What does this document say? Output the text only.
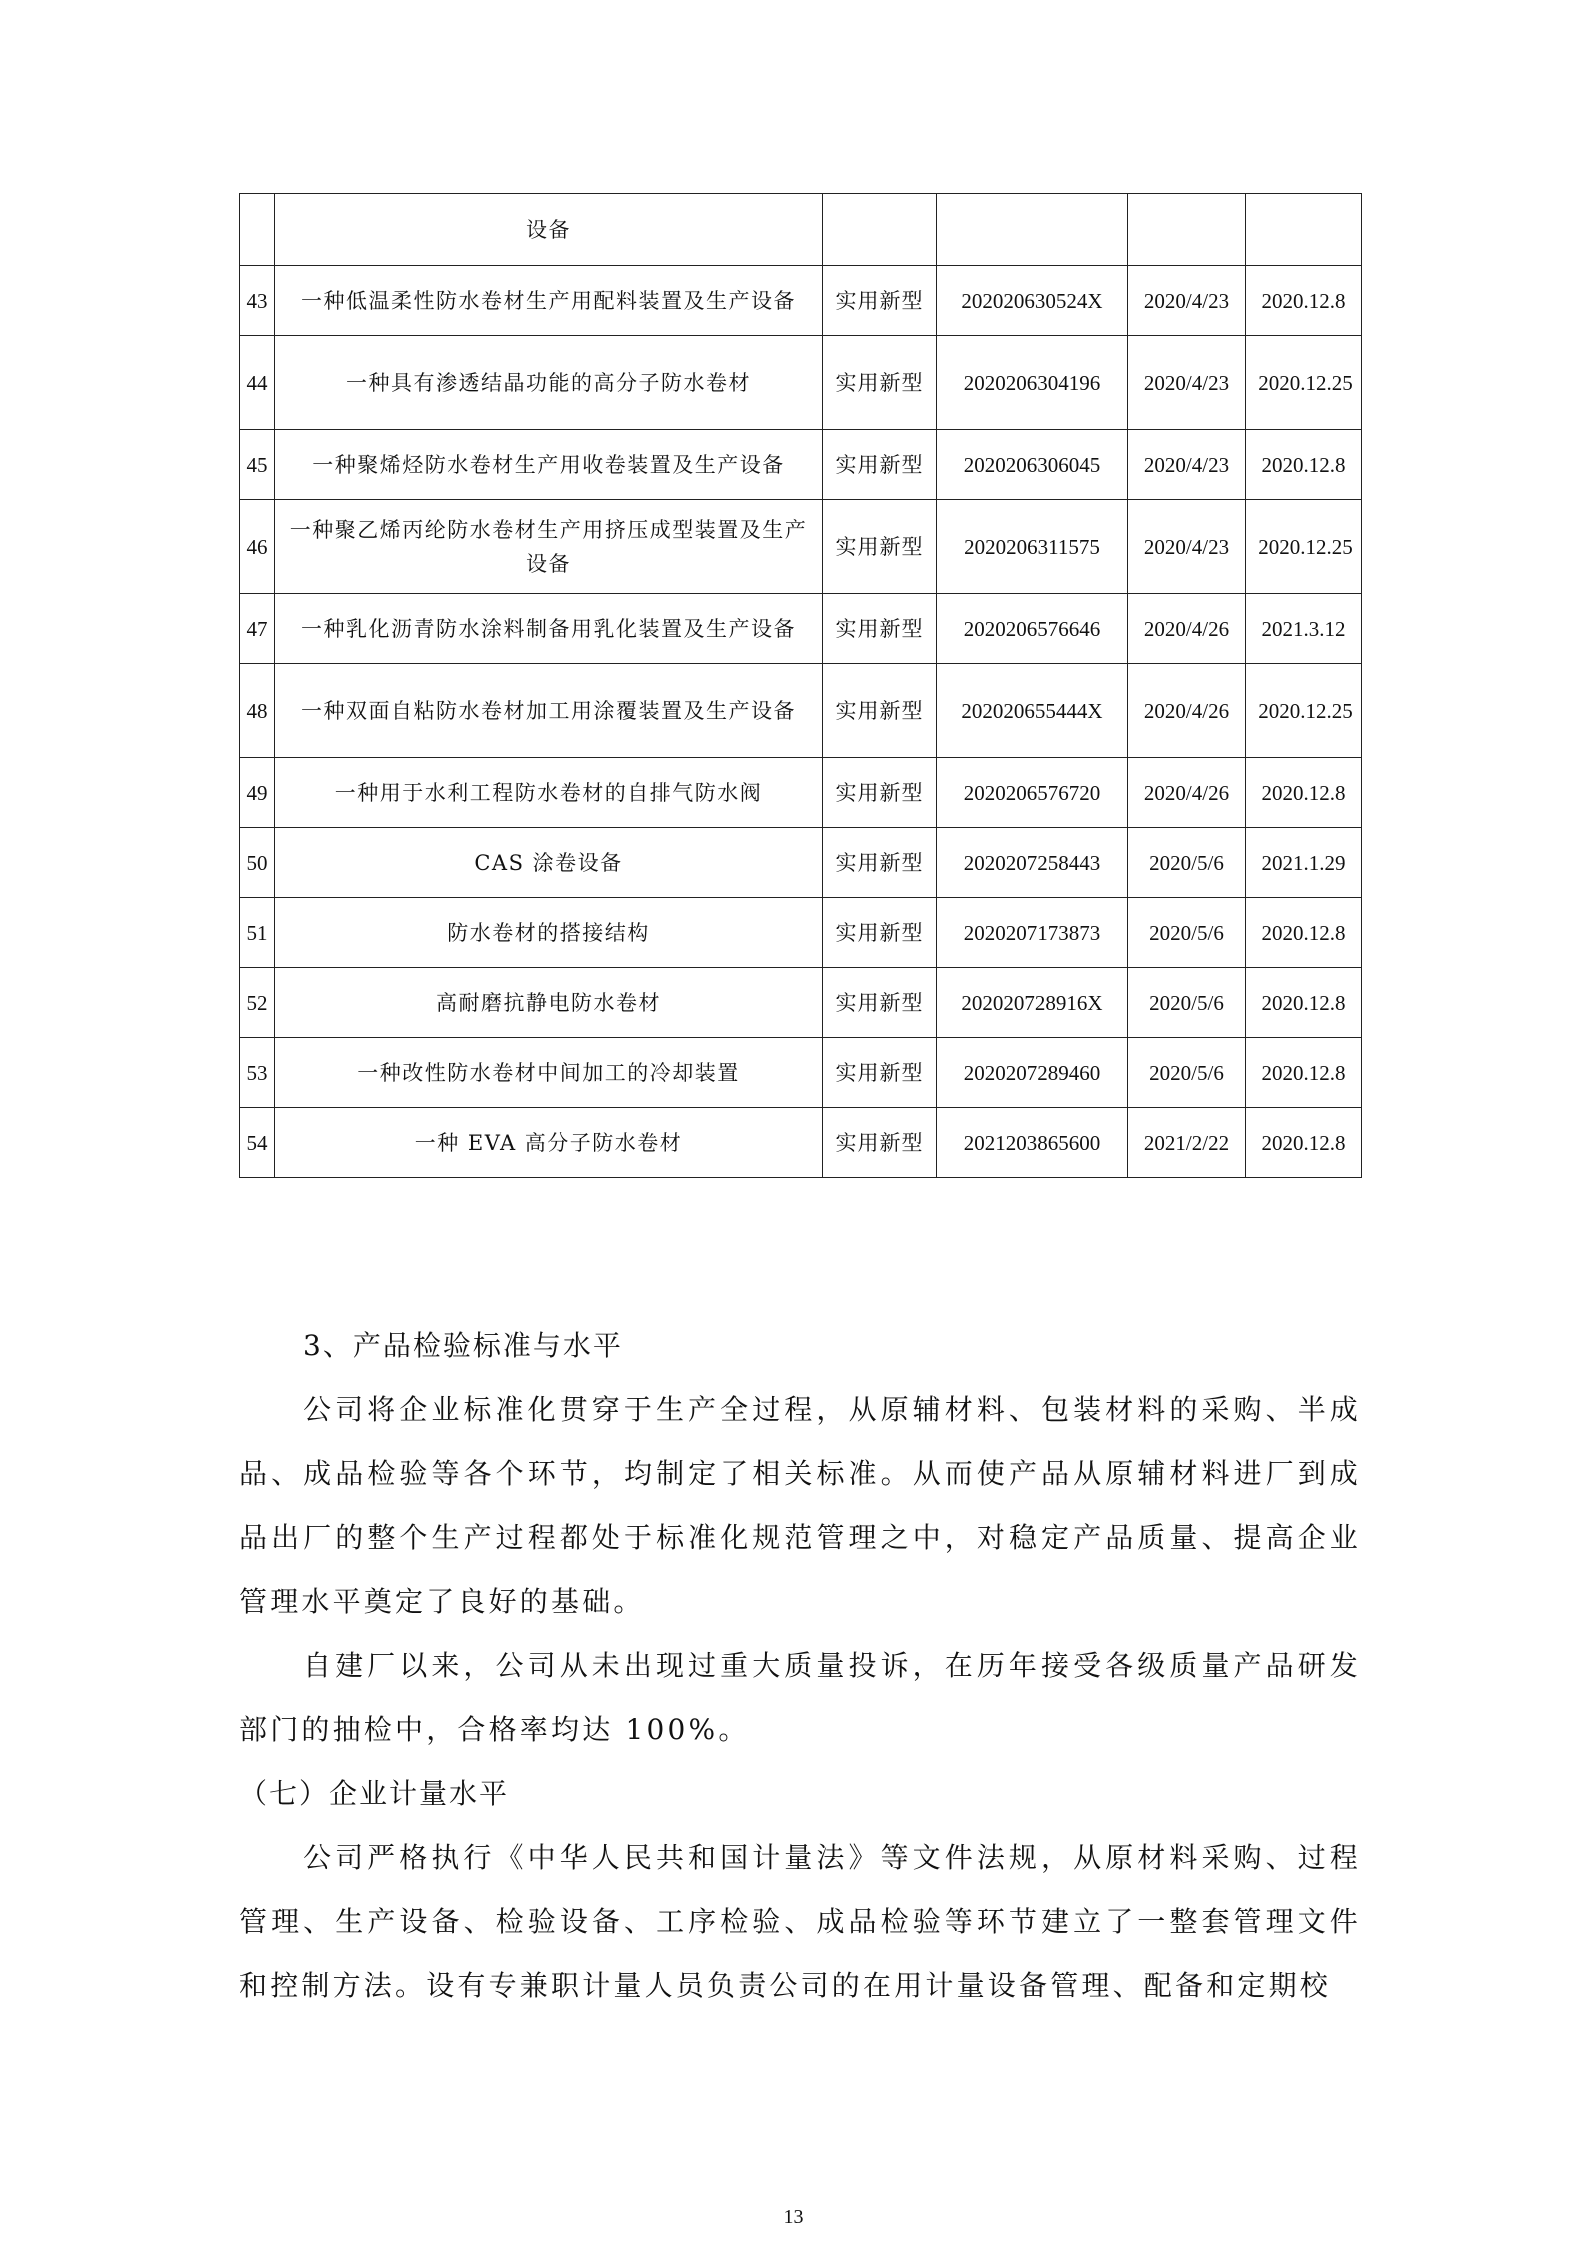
	设备				
43	一种低温柔性防水卷材生产用配料装置及生产设备	实用新型	202020630524X	2020/4/23	2020.12.8
44	一种具有渗透结晶功能的高分子防水卷材	实用新型	2020206304196	2020/4/23	2020.12.25
45	一种聚烯烃防水卷材生产用收卷装置及生产设备	实用新型	2020206306045	2020/4/23	2020.12.8
46	一种聚乙烯丙纶防水卷材生产用挤压成型装置及生产设备	实用新型	2020206311575	2020/4/23	2020.12.25
47	一种乳化沥青防水涂料制备用乳化装置及生产设备	实用新型	2020206576646	2020/4/26	2021.3.12
48	一种双面自粘防水卷材加工用涂覆装置及生产设备	实用新型	202020655444X	2020/4/26	2020.12.25
49	一种用于水利工程防水卷材的自排气防水阀	实用新型	2020206576720	2020/4/26	2020.12.8
50	CAS 涂卷设备	实用新型	2020207258443	2020/5/6	2021.1.29
51	防水卷材的搭接结构	实用新型	2020207173873	2020/5/6	2020.12.8
52	高耐磨抗静电防水卷材	实用新型	202020728916X	2020/5/6	2020.12.8
53	一种改性防水卷材中间加工的冷却装置	实用新型	2020207289460	2020/5/6	2020.12.8
54	一种 EVA 高分子防水卷材	实用新型	2021203865600	2021/2/22	2020.12.8
3、产品检验标准与水平

公司将企业标准化贯穿于生产全过程，从原辅材料、包装材料的采购、半成品、成品检验等各个环节，均制定了相关标准。从而使产品从原辅材料进厂到成品出厂的整个生产过程都处于标准化规范管理之中，对稳定产品质量、提高企业管理水平奠定了良好的基础。

自建厂以来，公司从未出现过重大质量投诉，在历年接受各级质量产品研发部门的抽检中，合格率均达 100%。

（七）企业计量水平

公司严格执行《中华人民共和国计量法》等文件法规，从原材料采购、过程管理、生产设备、检验设备、工序检验、成品检验等环节建立了一整套管理文件和控制方法。设有专兼职计量人员负责公司的在用计量设备管理、配备和定期校

13
